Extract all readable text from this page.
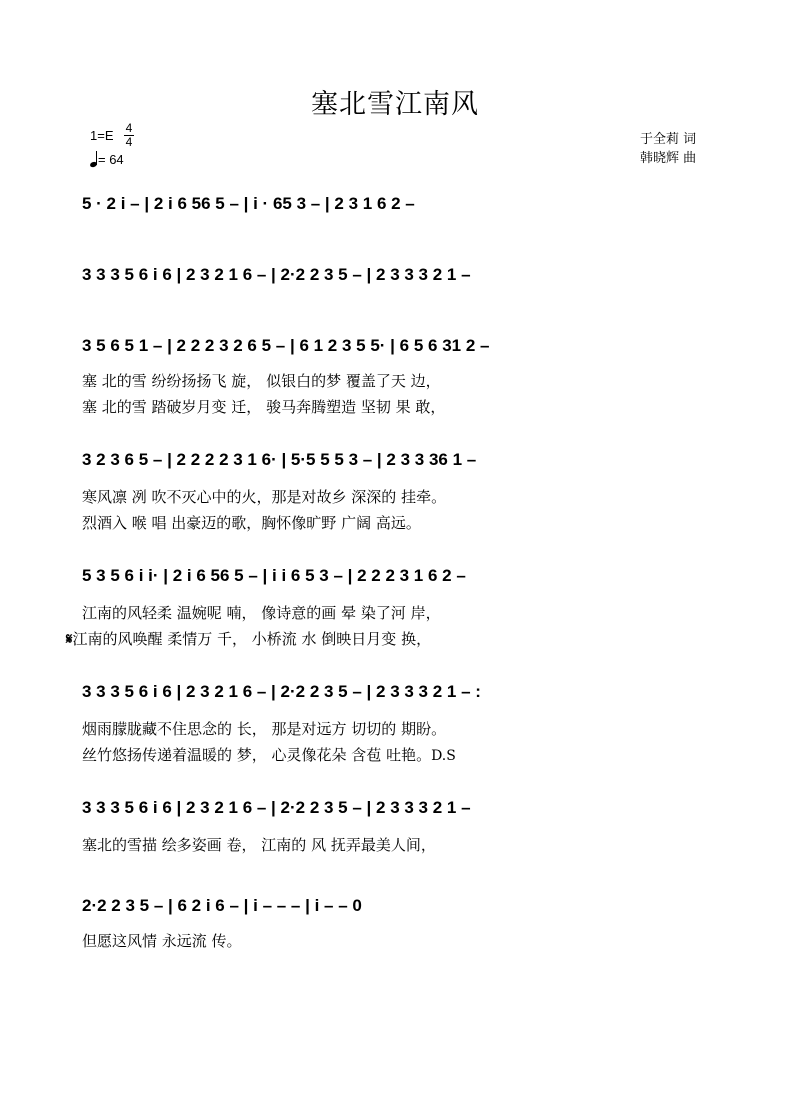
塞北雪江南风
1=E	4
4
= 64
于全莉 词
韩晓辉 曲
5 · 2 i – | 2 i 6 56 5 – | i · 65 3 – | 2 3 1 6 2 –
3 3 3 5 6 i 6 | 2 3 2 1 6 – | 2·2 2 3 5 – | 2 3 3 3 2 1 –
3 5 6 5 1 – | 2 2 2 3 2 6 5 – | 6 1 2 3 5 5· | 6 5 6 31 2 –
塞 北的雪 纷纷扬扬飞 旋， 似银白的梦 覆盖了天 边，
塞 北的雪 踏破岁月变 迁， 骏马奔腾塑造 坚韧 果 敢，
3 2 3 6 5 – | 2 2 2 2 3 1 6· | 5·5 5 5 3 – | 2 3 3 36 1 –
寒风凛 冽 吹不灭心中的火，那是对故乡 深深的 挂牵。
烈酒入 喉 唱 出豪迈的歌，胸怀像旷野 广阔 高远。
5 3 5 6 i i· | 2 i 6 56 5 – | i i 6 5 3 – | 2 2 2 3 1 6 2 –
江南的风轻柔 温婉呢 喃， 像诗意的画 晕 染了河 岸，
𝄋江南的风唤醒 柔情万 千， 小桥流 水 倒映日月变 换，
3 3 3 5 6 i 6 | 2 3 2 1 6 – | 2·2 2 3 5 – | 2 3 3 3 2 1 – :
烟雨朦胧藏不住思念的 长， 那是对远方 切切的 期盼。
丝竹悠扬传递着温暖的 梦， 心灵像花朵 含苞 吐艳。D.S
3 3 3 5 6 i 6 | 2 3 2 1 6 – | 2·2 2 3 5 – | 2 3 3 3 2 1 –
塞北的雪描 绘多姿画 卷， 江南的 风 抚弄最美人间，
2·2 2 3 5 – | 6 2 i 6 – | i – – – | i – – 0
但愿这风情 永远流 传。
